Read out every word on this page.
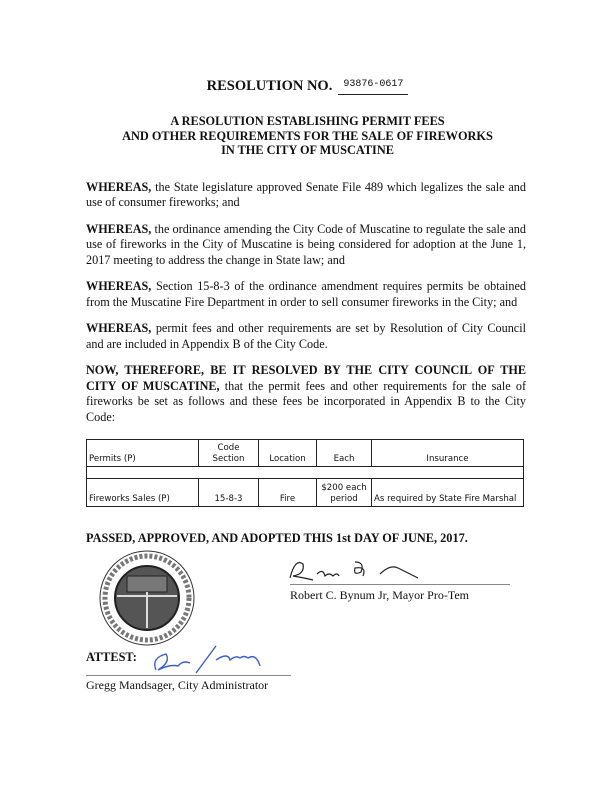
RESOLUTION NO. 93876-0617
A RESOLUTION ESTABLISHING PERMIT FEES
AND OTHER REQUIREMENTS FOR THE SALE OF FIREWORKS
IN THE CITY OF MUSCATINE
WHEREAS, the State legislature approved Senate File 489 which legalizes the sale and use of consumer fireworks; and
WHEREAS, the ordinance amending the City Code of Muscatine to regulate the sale and use of fireworks in the City of Muscatine is being considered for adoption at the June 1, 2017 meeting to address the change in State law; and
WHEREAS, Section 15-8-3 of the ordinance amendment requires permits be obtained from the Muscatine Fire Department in order to sell consumer fireworks in the City; and
WHEREAS, permit fees and other requirements are set by Resolution of City Council and are included in Appendix B of the City Code.
NOW, THEREFORE, BE IT RESOLVED BY THE CITY COUNCIL OF THE CITY OF MUSCATINE, that the permit fees and other requirements for the sale of fireworks be set as follows and these fees be incorporated in Appendix B to the City Code:
Permits (P)	Code Section	Location	Each	Insurance

Fireworks Sales (P)	15-8-3	Fire	$200 each period	As required by State Fire Marshal
PASSED, APPROVED, AND ADOPTED THIS 1st DAY OF JUNE, 2017.
Robert C. Bynum Jr, Mayor Pro-Tem
ATTEST:
Gregg Mandsager, City Administrator
